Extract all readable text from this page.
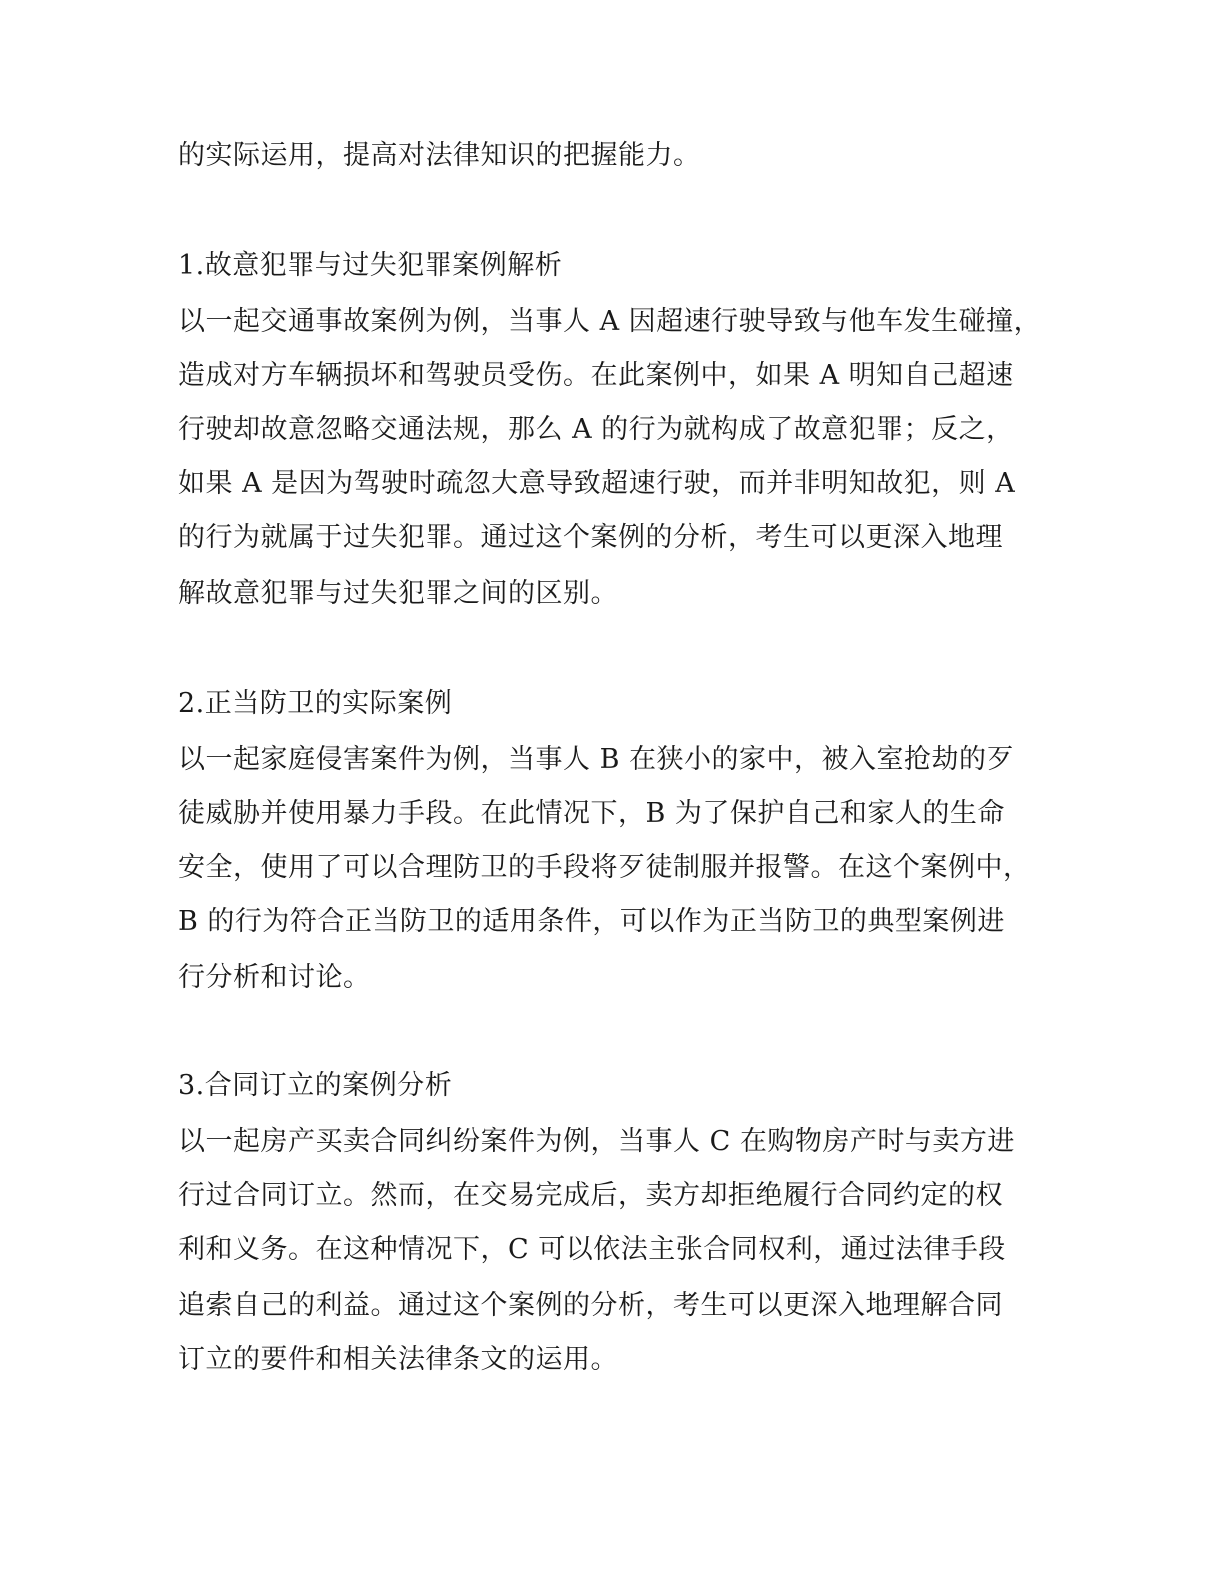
的实际运用，提高对法律知识的把握能力。
1.故意犯罪与过失犯罪案例解析
以一起交通事故案例为例，当事人 A 因超速行驶导致与他车发生碰撞，
造成对方车辆损坏和驾驶员受伤。在此案例中，如果 A 明知自己超速
行驶却故意忽略交通法规，那么 A 的行为就构成了故意犯罪；反之，
如果 A 是因为驾驶时疏忽大意导致超速行驶，而并非明知故犯，则 A
的行为就属于过失犯罪。通过这个案例的分析，考生可以更深入地理
解故意犯罪与过失犯罪之间的区别。
2.正当防卫的实际案例
以一起家庭侵害案件为例，当事人 B 在狭小的家中，被入室抢劫的歹
徒威胁并使用暴力手段。在此情况下，B 为了保护自己和家人的生命
安全，使用了可以合理防卫的手段将歹徒制服并报警。在这个案例中，
B 的行为符合正当防卫的适用条件，可以作为正当防卫的典型案例进
行分析和讨论。
3.合同订立的案例分析
以一起房产买卖合同纠纷案件为例，当事人 C 在购物房产时与卖方进
行过合同订立。然而，在交易完成后，卖方却拒绝履行合同约定的权
利和义务。在这种情况下，C 可以依法主张合同权利，通过法律手段
追索自己的利益。通过这个案例的分析，考生可以更深入地理解合同
订立的要件和相关法律条文的运用。
